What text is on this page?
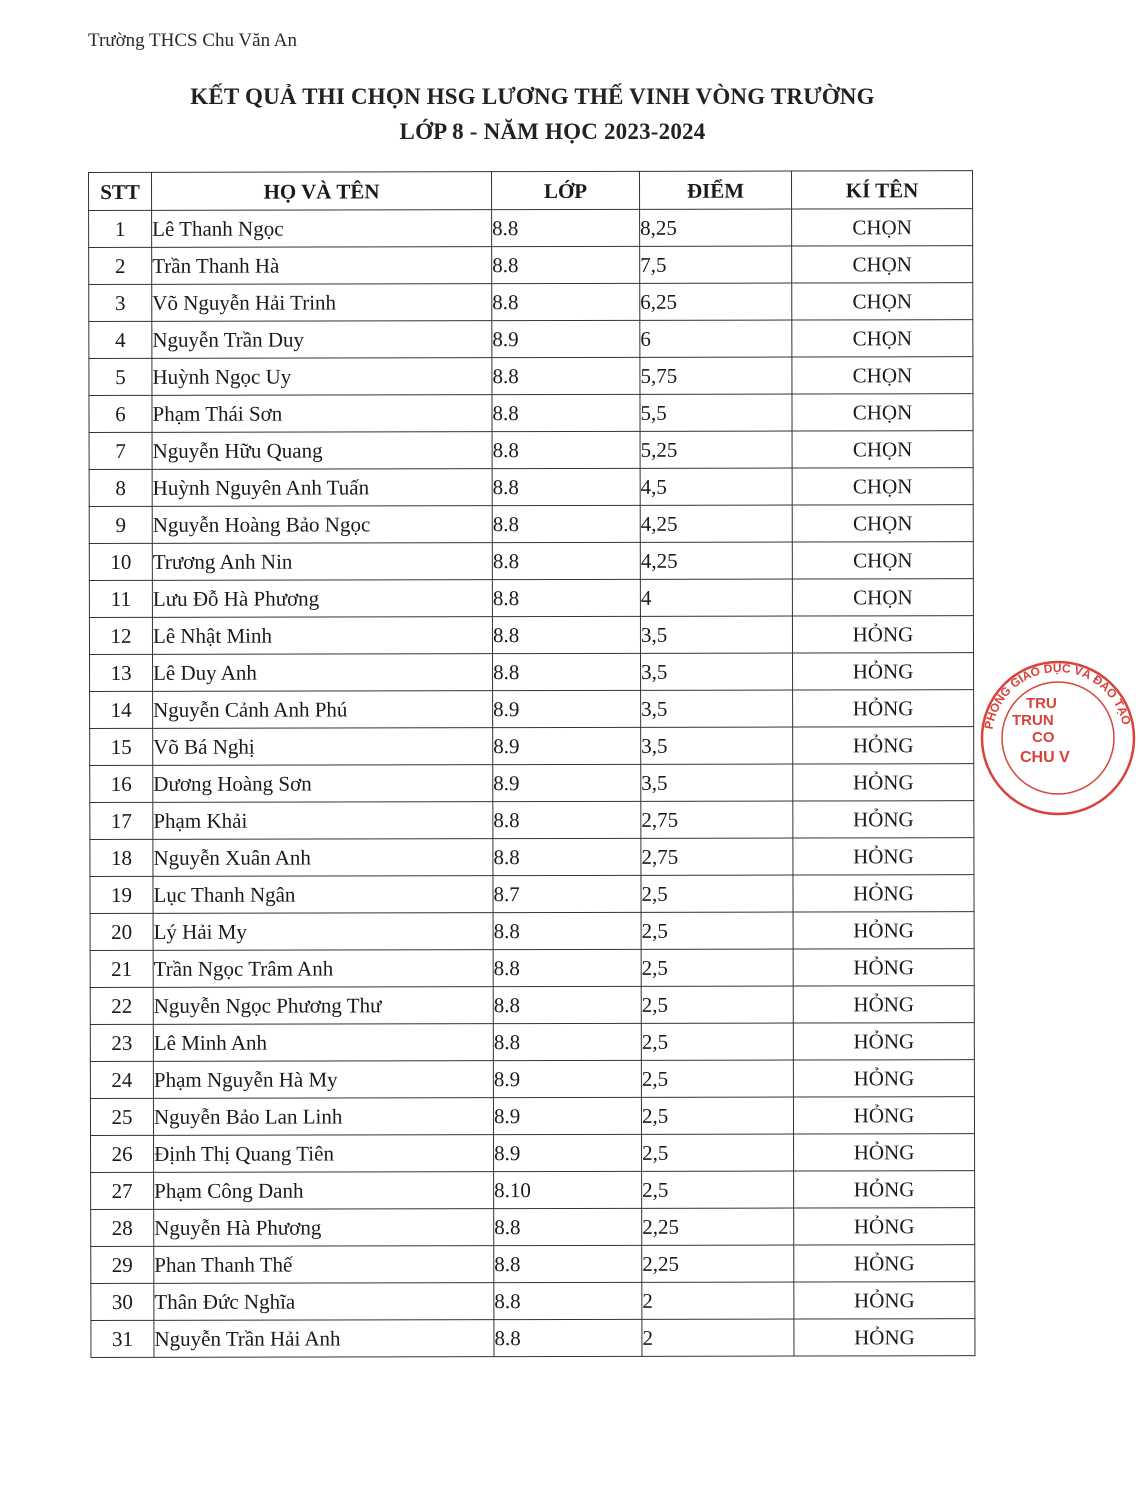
Trường THCS Chu Văn An
KẾT QUẢ THI CHỌN HSG LƯƠNG THẾ VINH VÒNG TRƯỜNG
LỚP 8 - NĂM HỌC 2023-2024
STT	HỌ VÀ TÊN	LỚP	ĐIỂM	KÍ TÊN
1	Lê Thanh Ngọc	8.8	8,25	CHỌN
2	Trần Thanh Hà	8.8	7,5	CHỌN
3	Võ Nguyễn Hải Trinh	8.8	6,25	CHỌN
4	Nguyễn Trần Duy	8.9	6	CHỌN
5	Huỳnh Ngọc Uy	8.8	5,75	CHỌN
6	Phạm Thái Sơn	8.8	5,5	CHỌN
7	Nguyễn Hữu Quang	8.8	5,25	CHỌN
8	Huỳnh Nguyên Anh Tuấn	8.8	4,5	CHỌN
9	Nguyễn Hoàng Bảo Ngọc	8.8	4,25	CHỌN
10	Trương Anh Nin	8.8	4,25	CHỌN
11	Lưu Đỗ Hà Phương	8.8	4	CHỌN
12	Lê Nhật Minh	8.8	3,5	HỎNG
13	Lê Duy Anh	8.8	3,5	HỎNG
14	Nguyễn Cảnh Anh Phú	8.9	3,5	HỎNG
15	Võ Bá Nghị	8.9	3,5	HỎNG
16	Dương Hoàng Sơn	8.9	3,5	HỎNG
17	Phạm Khải	8.8	2,75	HỎNG
18	Nguyễn Xuân Anh	8.8	2,75	HỎNG
19	Lục Thanh Ngân	8.7	2,5	HỎNG
20	Lý Hải My	8.8	2,5	HỎNG
21	Trần Ngọc Trâm Anh	8.8	2,5	HỎNG
22	Nguyễn Ngọc Phương Thư	8.8	2,5	HỎNG
23	Lê Minh Anh	8.8	2,5	HỎNG
24	Phạm Nguyễn Hà My	8.9	2,5	HỎNG
25	Nguyễn Bảo Lan Linh	8.9	2,5	HỎNG
26	Định Thị Quang Tiên	8.9	2,5	HỎNG
27	Phạm Công Danh	8.10	2,5	HỎNG
28	Nguyễn Hà Phương	8.8	2,25	HỎNG
29	Phan Thanh Thế	8.8	2,25	HỎNG
30	Thân Đức Nghĩa	8.8	2	HỎNG
31	Nguyễn Trần Hải Anh	8.8	2	HỎNG
PHÒNG GIÁO DỤC VÀ ĐÀO TẠO
TRU
TRUN
CO
CHU V
